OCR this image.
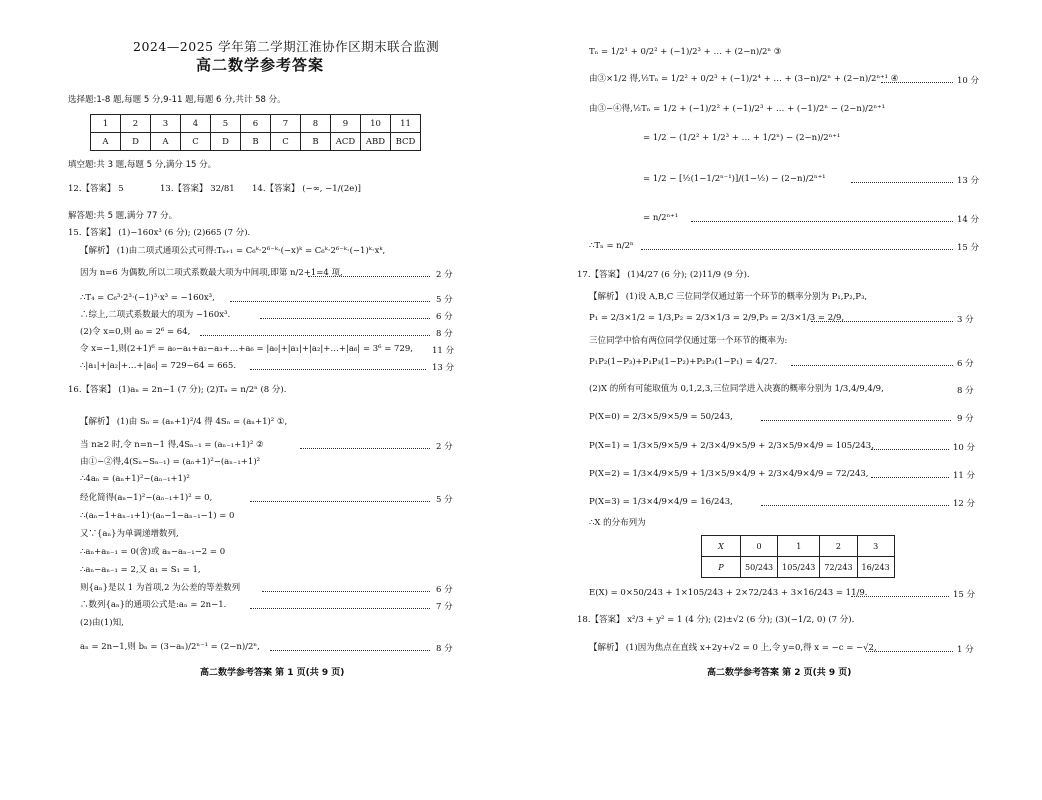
2024—2025 学年第二学期江淮协作区期末联合监测
高二数学参考答案
选择题:1-8 题,每题 5 分,9-11 题,每题 6 分,共计 58 分。
1	2	3	4	5	6	7	8	9	10	11
A	D	A	C	D	B	C	B	ACD	ABD	BCD
填空题:共 3 题,每题 5 分,满分 15 分。
12.【答案】 5	13.【答案】 32/81 14.【答案】 (−∞, −1/(2e)]
解答题:共 5 题,满分 77 分。
15.【答案】 (1)−160x³ (6 分); (2)665 (7 分).
【解析】 (1)由二项式通项公式可得:Tₖ₊₁ = C₆ᵏ·2⁶⁻ᵏ·(−x)ᵏ = C₆ᵏ·2⁶⁻ᵏ·(−1)ᵏ·xᵏ,
因为 n=6 为偶数,所以二项式系数最大项为中间项,即第 n/2+1=4 项,	2 分
∴T₄ = C₆³·2³·(−1)³·x³ = −160x³,	5 分
∴综上,二项式系数最大的项为 −160x³.	6 分
(2)令 x=0,则 a₀ = 2⁶ = 64,	8 分
令 x=−1,则(2+1)⁶ = a₀−a₁+a₂−a₃+…+a₆ = |a₀|+|a₁|+|a₂|+…+|a₆| = 3⁶ = 729, 11 分
∴|a₁|+|a₂|+…+|a₆| = 729−64 = 665.	13 分
16.【答案】 (1)aₙ = 2n−1 (7 分); (2)Tₙ = n/2ⁿ (8 分).
【解析】 (1)由 Sₙ = (aₙ+1)²/4 得 4Sₙ = (aₙ+1)² ①,
当 n≥2 时,令 n=n−1 得,4Sₙ₋₁ = (aₙ₋₁+1)² ②	2 分
由①−②得,4(Sₙ−Sₙ₋₁) = (aₙ+1)²−(aₙ₋₁+1)²
∴4aₙ = (aₙ+1)²−(aₙ₋₁+1)²
经化简得(aₙ−1)²−(aₙ₋₁+1)² = 0,	5 分
∴(aₙ−1+aₙ₋₁+1)·(aₙ−1−aₙ₋₁−1) = 0
又∵{aₙ}为单调递增数列,
∴aₙ+aₙ₋₁ = 0(舍)或 aₙ−aₙ₋₁−2 = 0
∴aₙ−aₙ₋₁ = 2,又 a₁ = S₁ = 1,
则{aₙ}是以 1 为首项,2 为公差的等差数列	6 分
∴数列{aₙ}的通项公式是:aₙ = 2n−1.	7 分
(2)由(1)知,
aₙ = 2n−1,则 bₙ = (3−aₙ)/2ⁿ⁻¹ = (2−n)/2ⁿ,	8 分
高二数学参考答案 第 1 页(共 9 页)
Tₙ = 1/2¹ + 0/2² + (−1)/2³ + … + (2−n)/2ⁿ ③
由③×1/2 得,½Tₙ = 1/2² + 0/2³ + (−1)/2⁴ + … + (3−n)/2ⁿ + (2−n)/2ⁿ⁺¹ ④	10 分
由③−④得,½Tₙ = 1/2 + (−1)/2² + (−1)/2³ + … + (−1)/2ⁿ − (2−n)/2ⁿ⁺¹
= 1/2 − (1/2² + 1/2³ + … + 1/2ⁿ) − (2−n)/2ⁿ⁺¹
= 1/2 − [½(1−1/2ⁿ⁻¹)]/(1−½) − (2−n)/2ⁿ⁺¹	13 分
= n/2ⁿ⁺¹	14 分
∴Tₙ = n/2ⁿ	15 分
17.【答案】 (1)4/27 (6 分); (2)11/9 (9 分).
【解析】 (1)设 A,B,C 三位同学仅通过第一个环节的概率分别为 P₁,P₂,P₃,
P₁ = 2/3×1/2 = 1/3,P₂ = 2/3×1/3 = 2/9,P₃ = 2/3×1/3 = 2/9,	3 分
三位同学中恰有两位同学仅通过第一个环节的概率为:
P₁P₂(1−P₃)+P₁P₃(1−P₂)+P₂P₃(1−P₁) = 4/27.	6 分
(2)X 的所有可能取值为 0,1,2,3,三位同学进入决赛的概率分别为 1/3,4/9,4/9,	8 分
P(X=0) = 2/3×5/9×5/9 = 50/243,	9 分
P(X=1) = 1/3×5/9×5/9 + 2/3×4/9×5/9 + 2/3×5/9×4/9 = 105/243,	10 分
P(X=2) = 1/3×4/9×5/9 + 1/3×5/9×4/9 + 2/3×4/9×4/9 = 72/243,	11 分
P(X=3) = 1/3×4/9×4/9 = 16/243,	12 分
∴X 的分布列为
X	0	1	2	3
P	50/243	105/243	72/243	16/243
E(X) = 0×50/243 + 1×105/243 + 2×72/243 + 3×16/243 = 11/9.	15 分
18.【答案】 x²/3 + y² = 1 (4 分); (2)±√2 (6 分); (3)(−1/2, 0) (7 分).
【解析】 (1)因为焦点在直线 x+2y+√2 = 0 上,令 y=0,得 x = −c = −√2,	1 分
高二数学参考答案 第 2 页(共 9 页)
